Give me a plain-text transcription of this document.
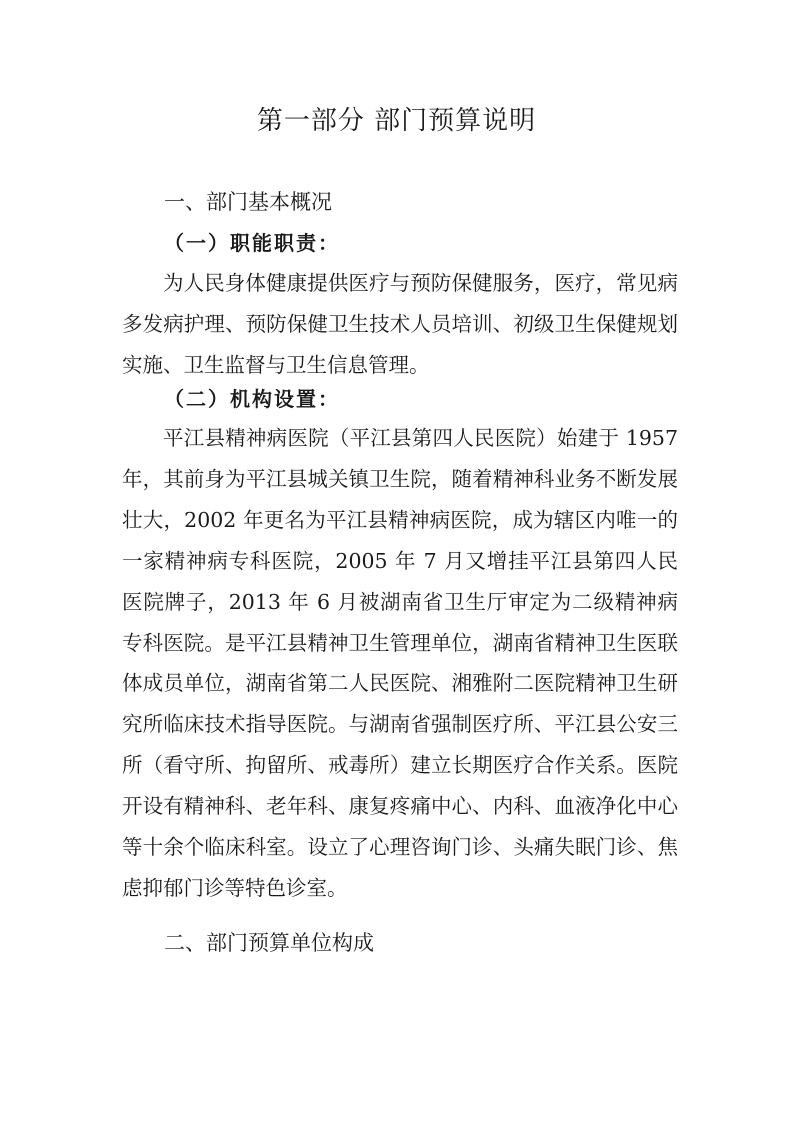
第一部分 部门预算说明
一、部门基本概况
（一）职能职责：

为人民身体健康提供医疗与预防保健服务，医疗，常见病多发病护理、预防保健卫生技术人员培训、初级卫生保健规划实施、卫生监督与卫生信息管理。

（二）机构设置：

平江县精神病医院（平江县第四人民医院）始建于 1957 年，其前身为平江县城关镇卫生院，随着精神科业务不断发展壮大，2002 年更名为平江县精神病医院，成为辖区内唯一的一家精神病专科医院，2005 年 7 月又增挂平江县第四人民医院牌子，2013 年 6 月被湖南省卫生厅审定为二级精神病专科医院。是平江县精神卫生管理单位，湖南省精神卫生医联体成员单位，湖南省第二人民医院、湘雅附二医院精神卫生研究所临床技术指导医院。与湖南省强制医疗所、平江县公安三所（看守所、拘留所、戒毒所）建立长期医疗合作关系。医院开设有精神科、老年科、康复疼痛中心、内科、血液净化中心等十余个临床科室。设立了心理咨询门诊、头痛失眠门诊、焦虑抑郁门诊等特色诊室。

二、部门预算单位构成
